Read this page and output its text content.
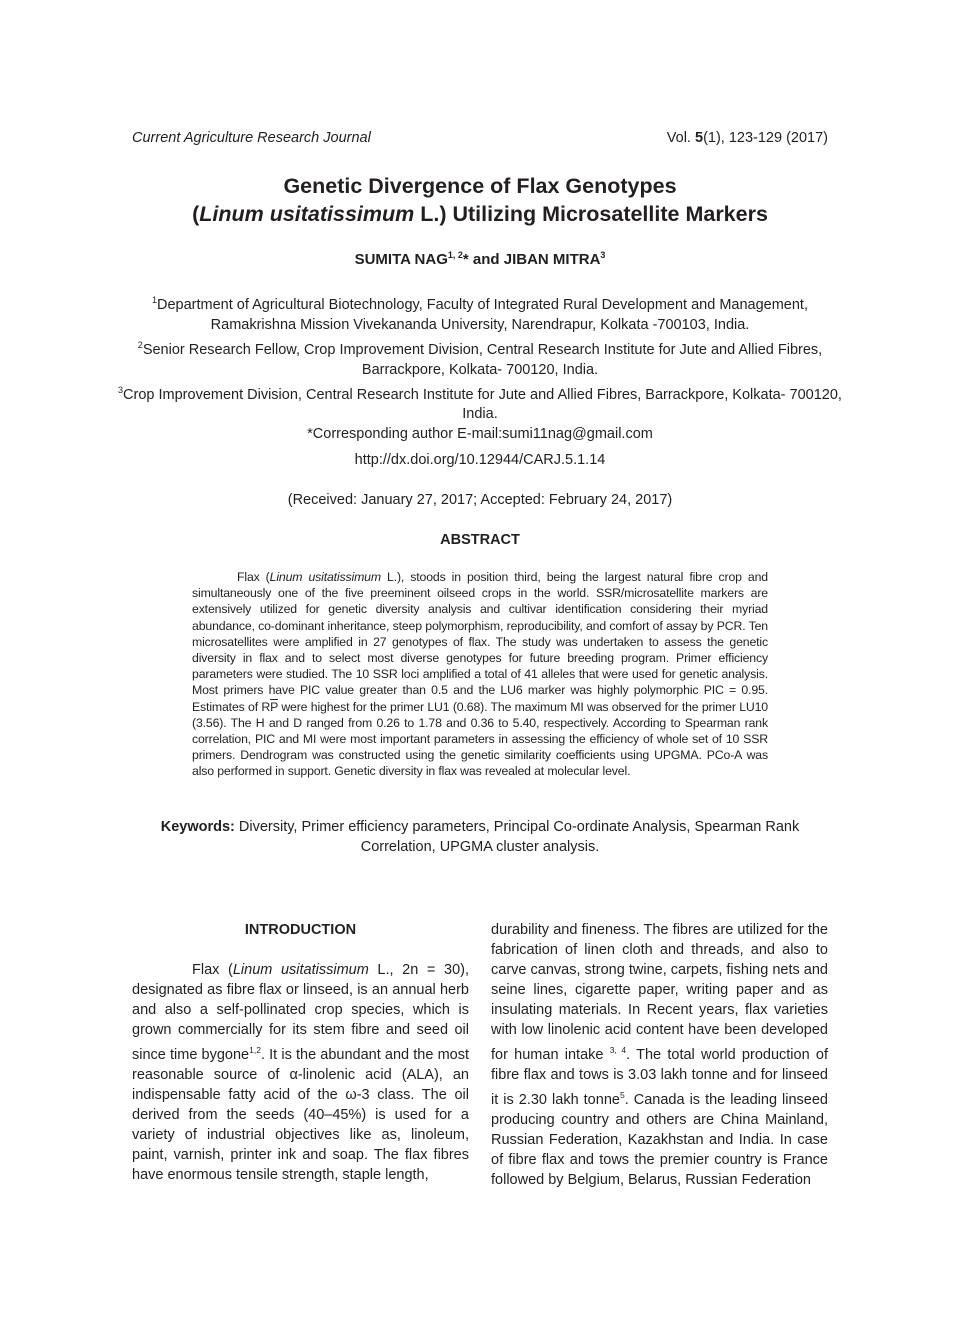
Current Agriculture Research Journal	Vol. 5(1), 123-129 (2017)
Genetic Divergence of Flax Genotypes
(Linum usitatissimum L.) Utilizing Microsatellite Markers
SUMITA NAG$^{1, 2}$* and JIBAN MITRA$^3$
$^1$Department of Agricultural Biotechnology, Faculty of Integrated Rural Development and Management, Ramakrishna Mission Vivekananda University, Narendrapur, Kolkata -700103, India.
$^2$Senior Research Fellow, Crop Improvement Division, Central Research Institute for Jute and Allied Fibres, Barrackpore, Kolkata- 700120, India.
$^3$Crop Improvement Division, Central Research Institute for Jute and Allied Fibres, Barrackpore, Kolkata- 700120, India.
*Corresponding author E-mail:sumi11nag@gmail.com
http://dx.doi.org/10.12944/CARJ.5.1.14
(Received: January 27, 2017; Accepted: February 24, 2017)
ABSTRACT
Flax (Linum usitatissimum L.), stoods in position third, being the largest natural fibre crop and simultaneously one of the five preeminent oilseed crops in the world. SSR/microsatellite markers are extensively utilized for genetic diversity analysis and cultivar identification considering their myriad abundance, co-dominant inheritance, steep polymorphism, reproducibility, and comfort of assay by PCR. Ten microsatellites were amplified in 27 genotypes of flax. The study was undertaken to assess the genetic diversity in flax and to select most diverse genotypes for future breeding program. Primer efficiency parameters were studied. The 10 SSR loci amplified a total of 41 alleles that were used for genetic analysis. Most primers have PIC value greater than 0.5 and the LU6 marker was highly polymorphic PIC = 0.95. Estimates of $R\overline{P}$ were highest for the primer LU1 (0.68). The maximum MI was observed for the primer LU10 (3.56). The H and D ranged from 0.26 to 1.78 and 0.36 to 5.40, respectively. According to Spearman rank correlation, PIC and MI were most important parameters in assessing the efficiency of whole set of 10 SSR primers. Dendrogram was constructed using the genetic similarity coefficients using UPGMA. PCo-A was also performed in support. Genetic diversity in flax was revealed at molecular level.
Keywords: Diversity, Primer efficiency parameters, Principal Co-ordinate Analysis, Spearman Rank Correlation, UPGMA cluster analysis.
INTRODUCTION

Flax (Linum usitatissimum L., 2n = 30), designated as fibre flax or linseed, is an annual herb and also a self-pollinated crop species, which is grown commercially for its stem fibre and seed oil since time bygone$^{1,2}$. It is the abundant and the most reasonable source of α-linolenic acid (ALA), an indispensable fatty acid of the ω-3 class. The oil derived from the seeds (40–45%) is used for a variety of industrial objectives like as, linoleum, paint, varnish, printer ink and soap. The flax fibres have enormous tensile strength, staple length,

durability and fineness. The fibres are utilized for the fabrication of linen cloth and threads, and also to carve canvas, strong twine, carpets, fishing nets and seine lines, cigarette paper, writing paper and as insulating materials. In Recent years, flax varieties with low linolenic acid content have been developed for human intake $^{3, 4}$. The total world production of fibre flax and tows is 3.03 lakh tonne and for linseed it is 2.30 lakh tonne$^5$. Canada is the leading linseed producing country and others are China Mainland, Russian Federation, Kazakhstan and India. In case of fibre flax and tows the premier country is France followed by Belgium, Belarus, Russian Federation
